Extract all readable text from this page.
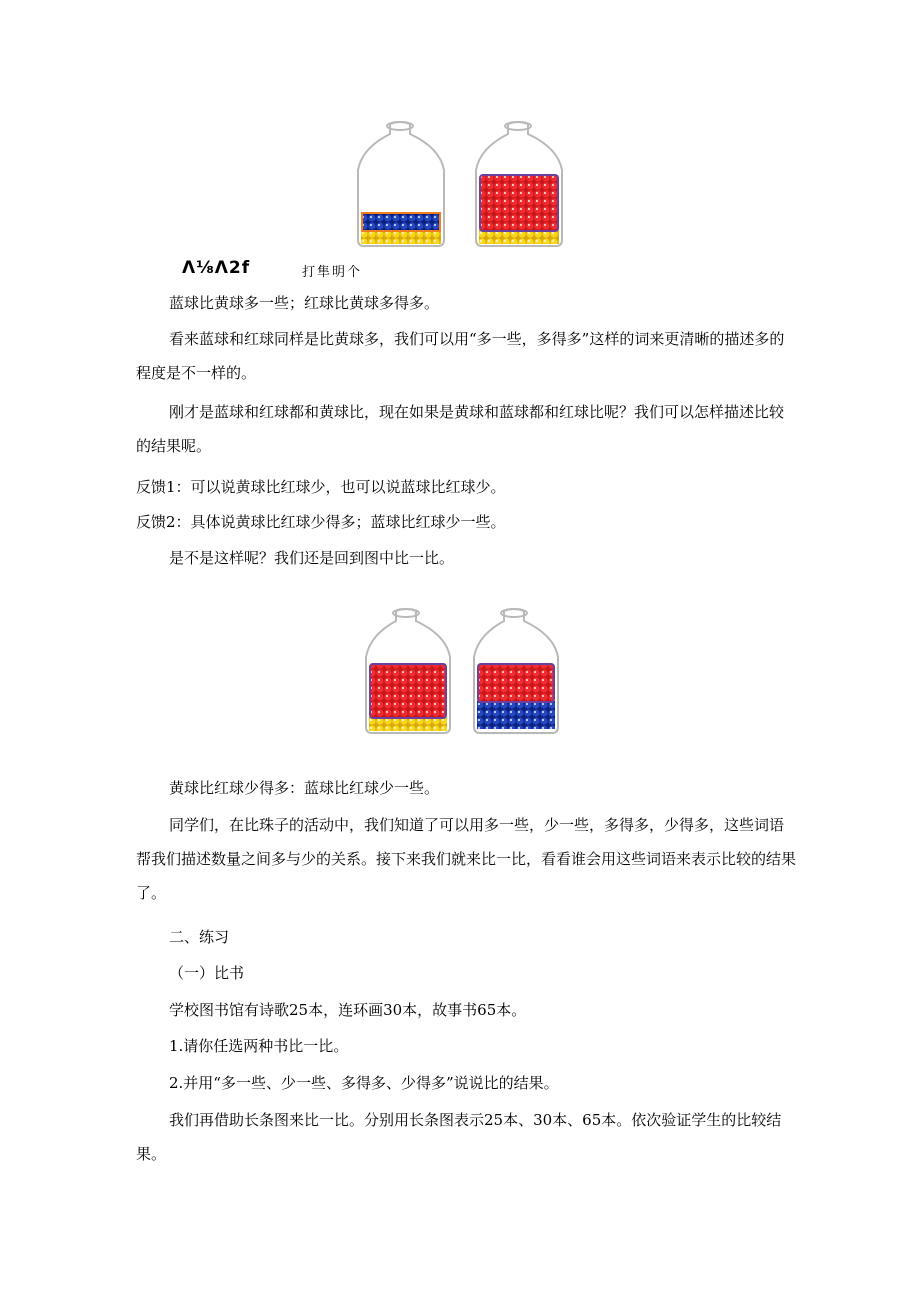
Λ⅛Λ2f	打隼明个

蓝球比黄球多一些；红球比黄球多得多。

看来蓝球和红球同样是比黄球多，我们可以用“多一些，多得多”这样的词来更清晰的描述多的程度是不一样的。

刚才是蓝球和红球都和黄球比，现在如果是黄球和蓝球都和红球比呢？我们可以怎样描述比较的结果呢。

反馈1：可以说黄球比红球少，也可以说蓝球比红球少。

反馈2：具体说黄球比红球少得多；蓝球比红球少一些。

是不是这样呢？我们还是回到图中比一比。

黄球比红球少得多：蓝球比红球少一些。

同学们，在比珠子的活动中，我们知道了可以用多一些，少一些，多得多，少得多，这些词语帮我们描述数量之间多与少的关系。接下来我们就来比一比，看看谁会用这些词语来表示比较的结果了。

二、练习

（一）比书

学校图书馆有诗歌25本，连环画30本，故事书65本。

1.请你任选两种书比一比。

2.并用“多一些、少一些、多得多、少得多”说说比的结果。

我们再借助长条图来比一比。分别用长条图表示25本、30本、65本。依次验证学生的比较结果。
